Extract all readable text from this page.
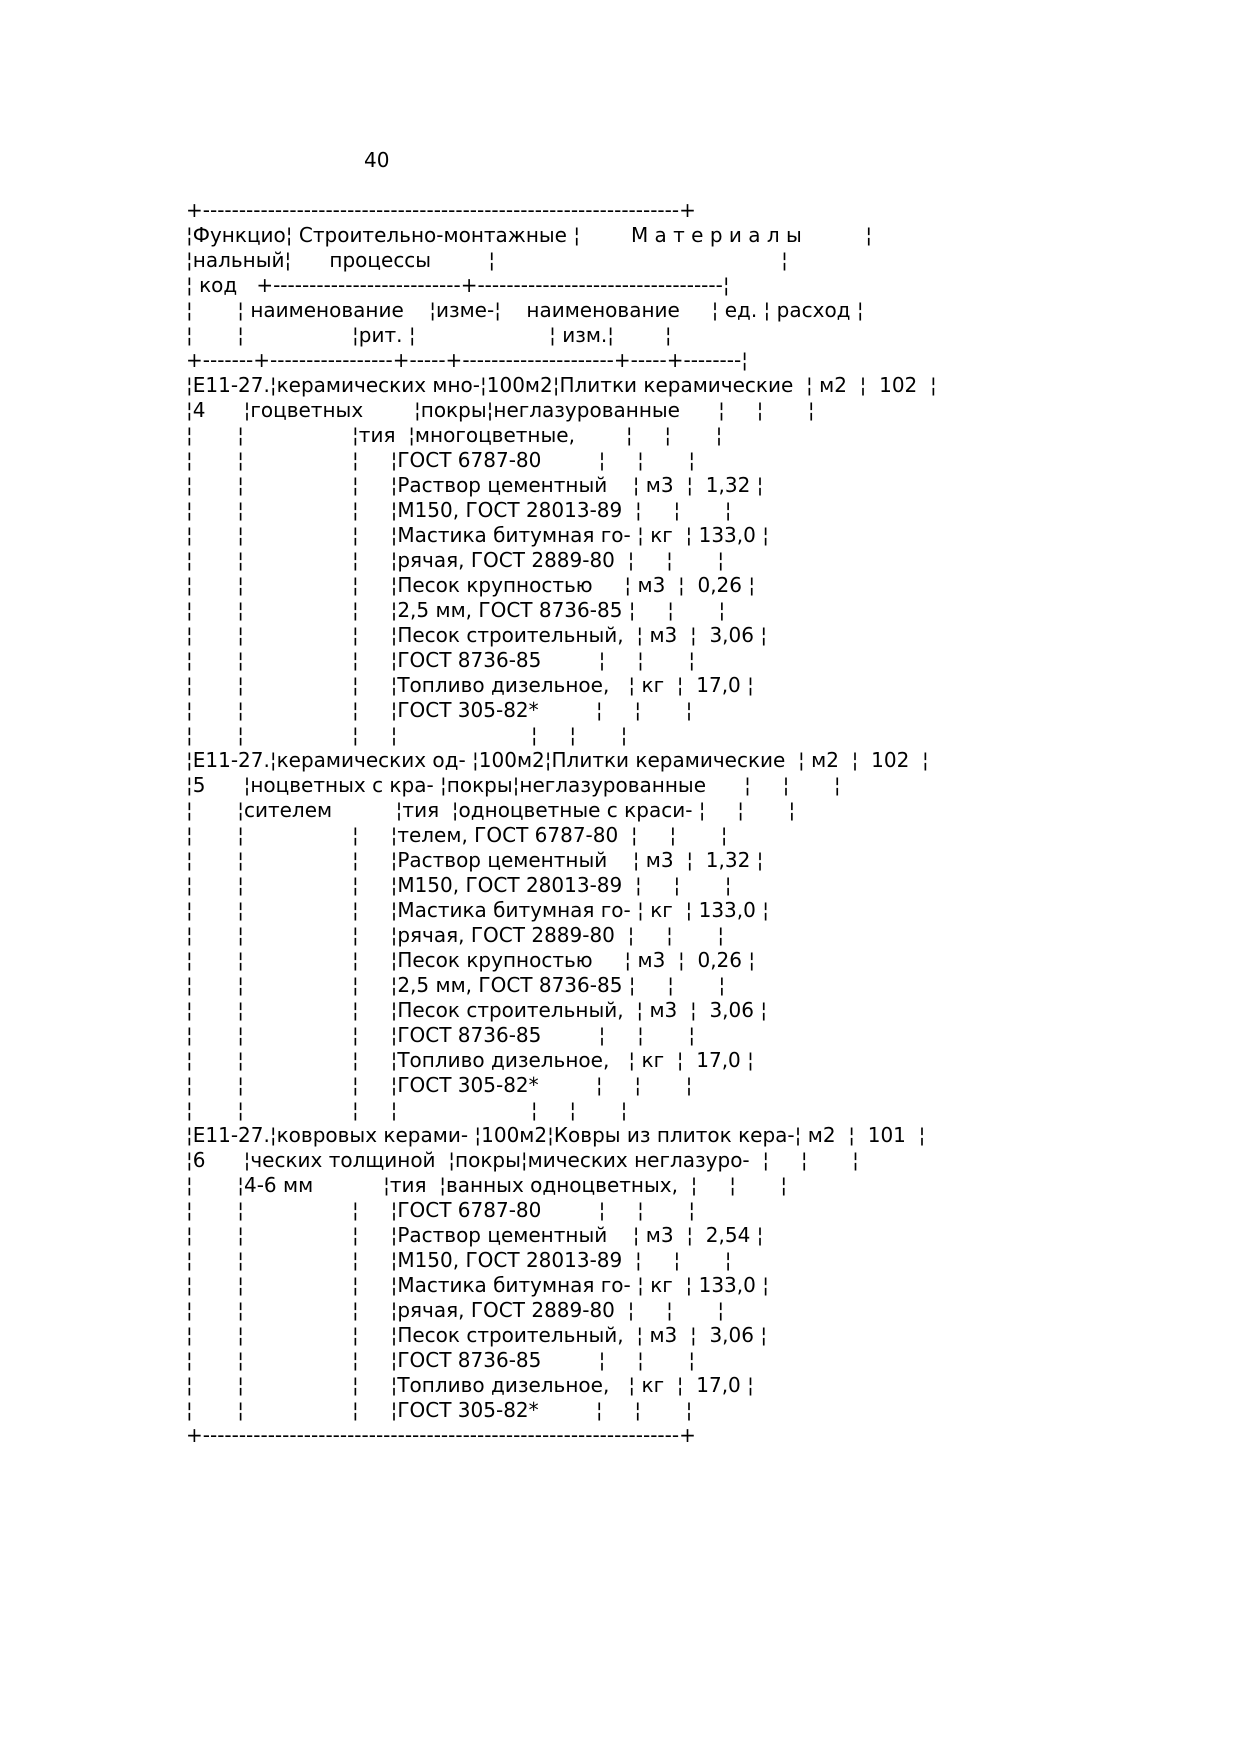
40

+------------------------------------------------------------------+
¦Функцио¦ Строительно-монтажные ¦        М а т е р и а л ы          ¦
¦нальный¦      процессы         ¦                                             ¦
¦ код   +--------------------------+----------------------------------¦
¦       ¦ наименование    ¦изме-¦    наименование     ¦ ед. ¦ расход ¦
¦       ¦                 ¦рит. ¦                     ¦ изм.¦        ¦
+-------+-----------------+-----+---------------------+-----+--------¦
¦Е11-27.¦керамических мно-¦100м2¦Плитки керамические  ¦ м2  ¦  102  ¦
¦4      ¦гоцветных        ¦покры¦неглазурованные      ¦     ¦       ¦
¦       ¦                 ¦тия  ¦многоцветные,        ¦     ¦       ¦
¦       ¦                 ¦     ¦ГОСТ 6787-80         ¦     ¦       ¦
¦       ¦                 ¦     ¦Раствор цементный    ¦ м3  ¦  1,32 ¦
¦       ¦                 ¦     ¦М150, ГОСТ 28013-89  ¦     ¦       ¦
¦       ¦                 ¦     ¦Мастика битумная го- ¦ кг  ¦ 133,0 ¦
¦       ¦                 ¦     ¦рячая, ГОСТ 2889-80  ¦     ¦       ¦
¦       ¦                 ¦     ¦Песок крупностью     ¦ м3  ¦  0,26 ¦
¦       ¦                 ¦     ¦2,5 мм, ГОСТ 8736-85 ¦     ¦       ¦
¦       ¦                 ¦     ¦Песок строительный,  ¦ м3  ¦  3,06 ¦
¦       ¦                 ¦     ¦ГОСТ 8736-85         ¦     ¦       ¦
¦       ¦                 ¦     ¦Топливо дизельное,   ¦ кг  ¦  17,0 ¦
¦       ¦                 ¦     ¦ГОСТ 305-82*         ¦     ¦       ¦
¦       ¦                 ¦     ¦                     ¦     ¦       ¦
¦Е11-27.¦керамических од- ¦100м2¦Плитки керамические  ¦ м2  ¦  102  ¦
¦5      ¦ноцветных с кра- ¦покры¦неглазурованные      ¦     ¦       ¦
¦       ¦сителем          ¦тия  ¦одноцветные с краси- ¦     ¦       ¦
¦       ¦                 ¦     ¦телем, ГОСТ 6787-80  ¦     ¦       ¦
¦       ¦                 ¦     ¦Раствор цементный    ¦ м3  ¦  1,32 ¦
¦       ¦                 ¦     ¦М150, ГОСТ 28013-89  ¦     ¦       ¦
¦       ¦                 ¦     ¦Мастика битумная го- ¦ кг  ¦ 133,0 ¦
¦       ¦                 ¦     ¦рячая, ГОСТ 2889-80  ¦     ¦       ¦
¦       ¦                 ¦     ¦Песок крупностью     ¦ м3  ¦  0,26 ¦
¦       ¦                 ¦     ¦2,5 мм, ГОСТ 8736-85 ¦     ¦       ¦
¦       ¦                 ¦     ¦Песок строительный,  ¦ м3  ¦  3,06 ¦
¦       ¦                 ¦     ¦ГОСТ 8736-85         ¦     ¦       ¦
¦       ¦                 ¦     ¦Топливо дизельное,   ¦ кг  ¦  17,0 ¦
¦       ¦                 ¦     ¦ГОСТ 305-82*         ¦     ¦       ¦
¦       ¦                 ¦     ¦                     ¦     ¦       ¦
¦Е11-27.¦ковровых керами- ¦100м2¦Ковры из плиток кера-¦ м2  ¦  101  ¦
¦6      ¦ческих толщиной  ¦покры¦мических неглазуро-  ¦     ¦       ¦
¦       ¦4-6 мм           ¦тия  ¦ванных одноцветных,  ¦     ¦       ¦
¦       ¦                 ¦     ¦ГОСТ 6787-80         ¦     ¦       ¦
¦       ¦                 ¦     ¦Раствор цементный    ¦ м3  ¦  2,54 ¦
¦       ¦                 ¦     ¦М150, ГОСТ 28013-89  ¦     ¦       ¦
¦       ¦                 ¦     ¦Мастика битумная го- ¦ кг  ¦ 133,0 ¦
¦       ¦                 ¦     ¦рячая, ГОСТ 2889-80  ¦     ¦       ¦
¦       ¦                 ¦     ¦Песок строительный,  ¦ м3  ¦  3,06 ¦
¦       ¦                 ¦     ¦ГОСТ 8736-85         ¦     ¦       ¦
¦       ¦                 ¦     ¦Топливо дизельное,   ¦ кг  ¦  17,0 ¦
¦       ¦                 ¦     ¦ГОСТ 305-82*         ¦     ¦       ¦
+------------------------------------------------------------------+
